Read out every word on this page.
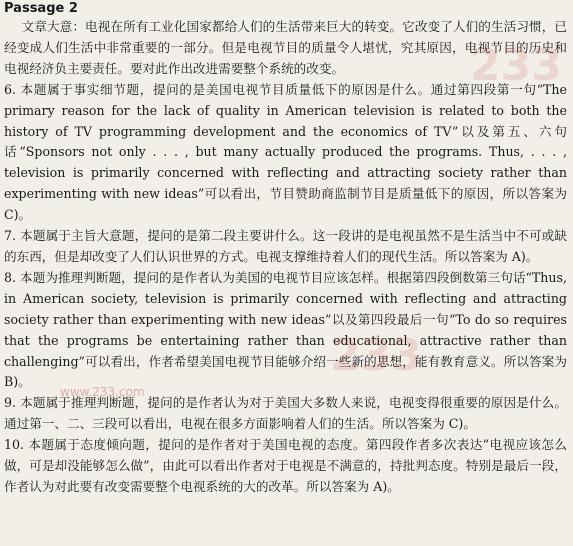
Passage 2

文章大意：电视在所有工业化国家都给人们的生活带来巨大的转变。它改变了人们的生活习惯，已经变成人们生活中非常重要的一部分。但是电视节目的质量令人堪忧，究其原因，电视节目的历史和电视经济负主要责任。要对此作出改进需要整个系统的改变。

6. 本题属于事实细节题，提问的是美国电视节目质量低下的原因是什么。通过第四段第一句“The primary reason for the lack of quality in American television is related to both the history of TV programming development and the economics of TV”以及第五、六句话“Sponsors not only . . . , but many actually produced the programs. Thus, . . . , television is primarily concerned with reflecting and attracting society rather than experimenting with new ideas”可以看出，节目赞助商监制节目是质量低下的原因，所以答案为 C)。

7. 本题属于主旨大意题，提问的是第二段主要讲什么。这一段讲的是电视虽然不是生活当中不可或缺的东西，但是却改变了人们认识世界的方式。电视支撑维持着人们的现代生活。所以答案为 A)。

8. 本题为推理判断题，提问的是作者认为美国的电视节目应该怎样。根据第四段倒数第三句话“Thus, in American society, television is primarily concerned with reflecting and attracting society rather than experimenting with new ideas”以及第四段最后一句“To do so requires that the programs be entertaining rather than educational, attractive rather than challenging”可以看出，作者希望美国电视节目能够介绍一些新的思想，能有教育意义。所以答案为 B)。

9. 本题属于推理判断题，提问的是作者认为对于美国大多数人来说，电视变得很重要的原因是什么。通过第一、二、三段可以看出，电视在很多方面影响着人们的生活。所以答案为 C)。

10. 本题属于态度倾向题，提问的是作者对于美国电视的态度。第四段作者多次表达“电视应该怎么做，可是却没能够怎么做”，由此可以看出作者对于电视是不满意的，持批判态度。特别是最后一段，作者认为对此要有改变需要整个电视系统的大的改革。所以答案为 A)。

233
233
www.233.com
